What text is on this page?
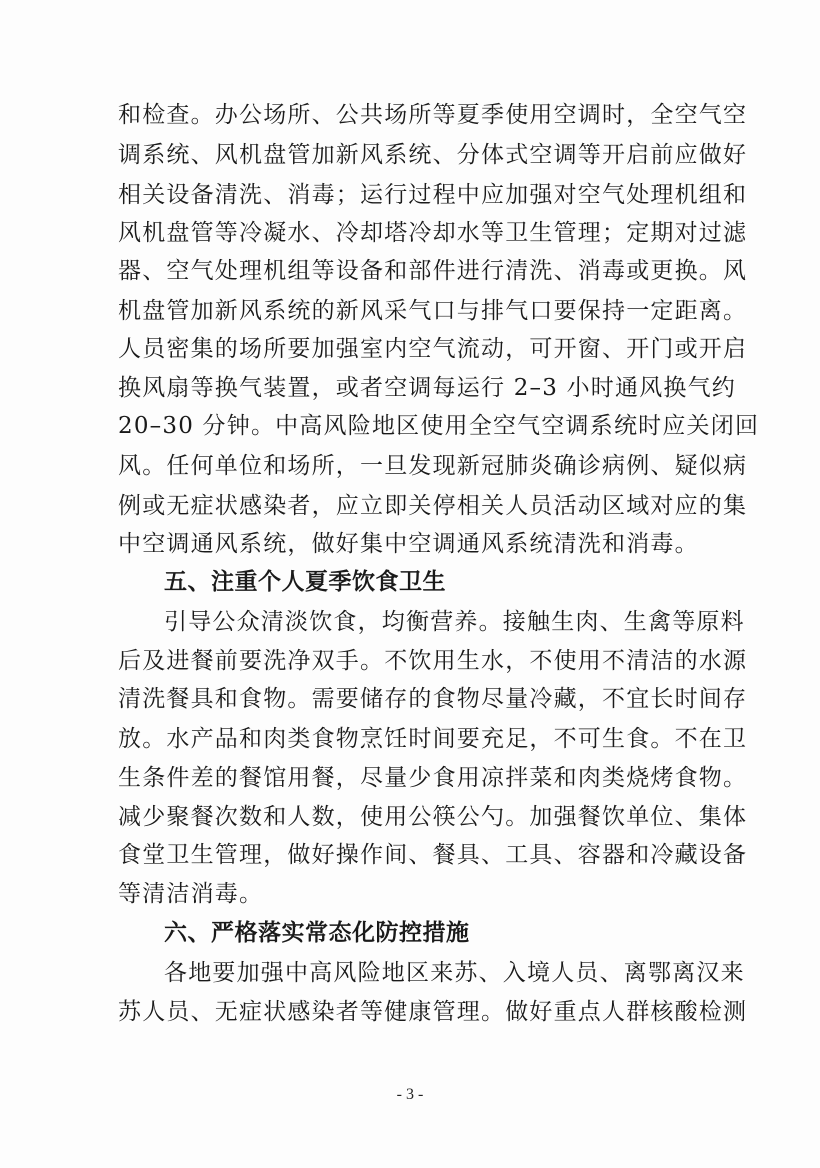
和检查。办公场所、公共场所等夏季使用空调时，全空气空
调系统、风机盘管加新风系统、分体式空调等开启前应做好
相关设备清洗、消毒；运行过程中应加强对空气处理机组和
风机盘管等冷凝水、冷却塔冷却水等卫生管理；定期对过滤
器、空气处理机组等设备和部件进行清洗、消毒或更换。风
机盘管加新风系统的新风采气口与排气口要保持一定距离。
人员密集的场所要加强室内空气流动，可开窗、开门或开启
换风扇等换气装置，或者空调每运行 2–3 小时通风换气约
20–30 分钟。中高风险地区使用全空气空调系统时应关闭回
风。任何单位和场所，一旦发现新冠肺炎确诊病例、疑似病
例或无症状感染者，应立即关停相关人员活动区域对应的集
中空调通风系统，做好集中空调通风系统清洗和消毒。
五、注重个人夏季饮食卫生
引导公众清淡饮食，均衡营养。接触生肉、生禽等原料
后及进餐前要洗净双手。不饮用生水，不使用不清洁的水源
清洗餐具和食物。需要储存的食物尽量冷藏，不宜长时间存
放。水产品和肉类食物烹饪时间要充足，不可生食。不在卫
生条件差的餐馆用餐，尽量少食用凉拌菜和肉类烧烤食物。
减少聚餐次数和人数，使用公筷公勺。加强餐饮单位、集体
食堂卫生管理，做好操作间、餐具、工具、容器和冷藏设备
等清洁消毒。
六、严格落实常态化防控措施
各地要加强中高风险地区来苏、入境人员、离鄂离汉来
苏人员、无症状感染者等健康管理。做好重点人群核酸检测
- 3 -
